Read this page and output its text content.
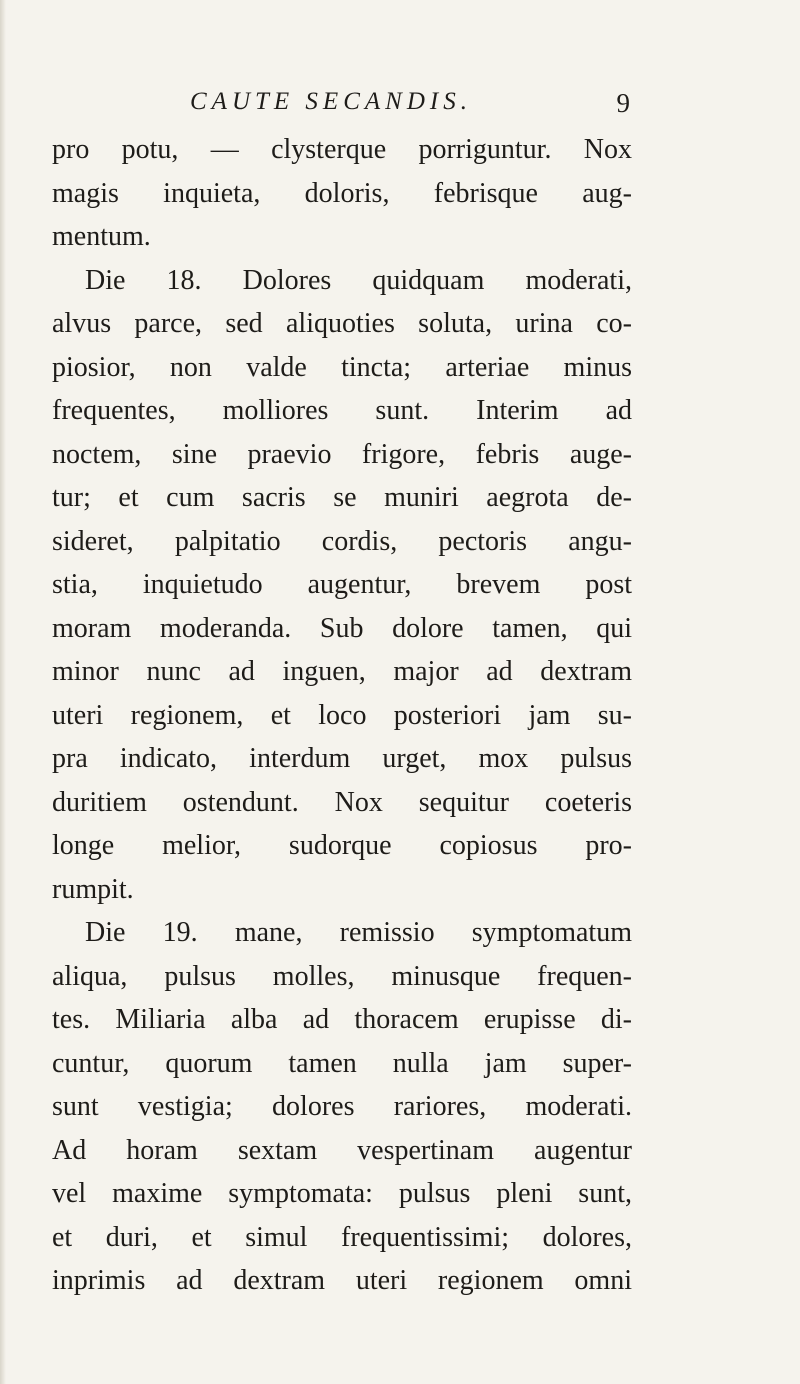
CAUTE SECANDIS.	9
pro potu, — clysterque porriguntur. Nox
magis inquieta, doloris, febrisque aug-
mentum.
Die 18. Dolores quidquam moderati,
alvus parce, sed aliquoties soluta, urina co-
piosior, non valde tincta; arteriae minus
frequentes, molliores sunt. Interim ad
noctem, sine praevio frigore, febris auge-
tur; et cum sacris se muniri aegrota de-
sideret, palpitatio cordis, pectoris angu-
stia, inquietudo augentur, brevem post
moram moderanda. Sub dolore tamen, qui
minor nunc ad inguen, major ad dextram
uteri regionem, et loco posteriori jam su-
pra indicato, interdum urget, mox pulsus
duritiem ostendunt. Nox sequitur coeteris
longe melior, sudorque copiosus pro-
rumpit.
Die 19. mane, remissio symptomatum
aliqua, pulsus molles, minusque frequen-
tes. Miliaria alba ad thoracem erupisse di-
cuntur, quorum tamen nulla jam super-
sunt vestigia; dolores rariores, moderati.
Ad horam sextam vespertinam augentur
vel maxime symptomata: pulsus pleni sunt,
et duri, et simul frequentissimi; dolores,
inprimis ad dextram uteri regionem omni
